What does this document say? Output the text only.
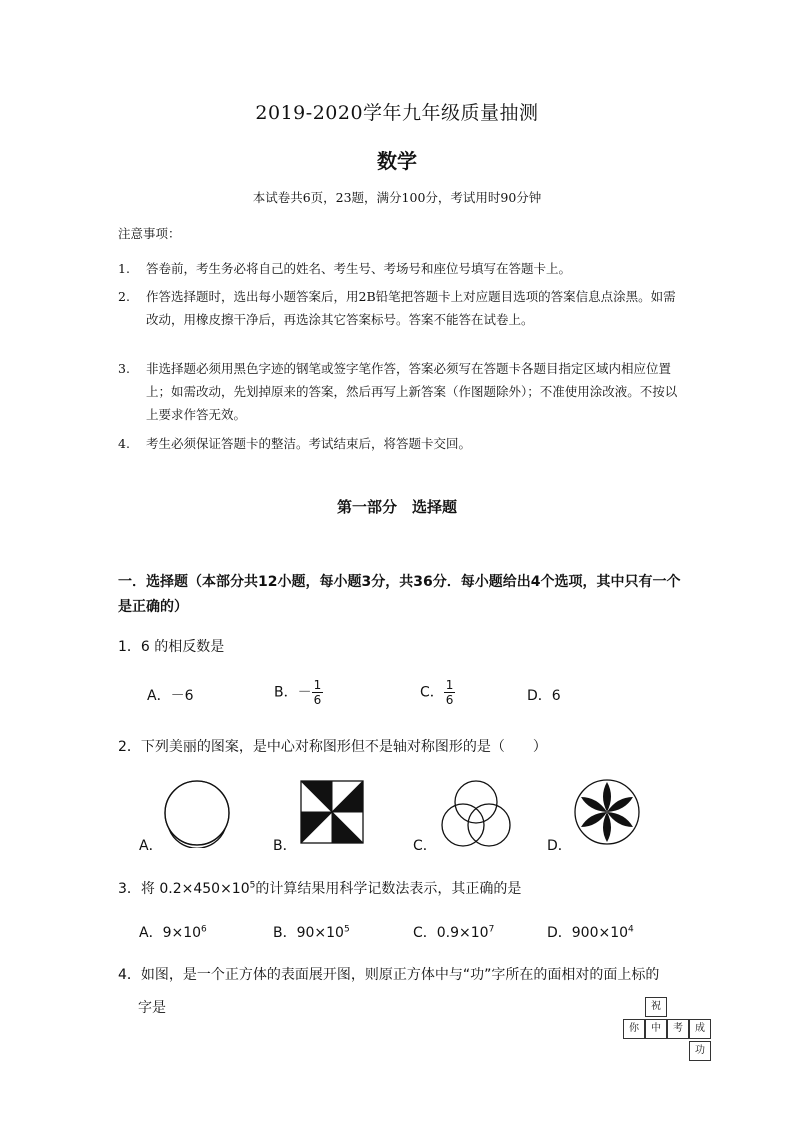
2019-2020学年九年级质量抽测
数学
本试卷共6页，23题，满分100分，考试用时90分钟
注意事项：
1. 答卷前，考生务必将自己的姓名、考生号、考场号和座位号填写在答题卡上。
2. 作答选择题时，选出每小题答案后，用2B铅笔把答题卡上对应题目选项的答案信息点涂黑。如需改动，用橡皮擦干净后，再选涂其它答案标号。答案不能答在试卷上。
3. 非选择题必须用黑色字迹的钢笔或签字笔作答，答案必须写在答题卡各题目指定区域内相应位置上；如需改动，先划掉原来的答案，然后再写上新答案（作图题除外）；不准使用涂改液。不按以上要求作答无效。
4. 考生必须保证答题卡的整洁。考试结束后，将答题卡交回。
第一部分　选择题
一．选择题（本部分共12小题，每小题3分，共36分．每小题给出4个选项，其中只有一个是正确的）
1．6 的相反数是
A．－6	B．－ $\frac{1}{6}$	C． $\frac{1}{6}$	D．6
2．下列美丽的图案，是中心对称图形但不是轴对称图形的是（　　）
A．	B．	C．	D．
3．将 $0.2\times 450\times 10^5$的计算结果用科学记数法表示，其正确的是
A．$9\times 10^6$	B．$90\times 10^5$	C．$0.9\times 10^7$	D．$900\times 10^4$
4．如图，是一个正方体的表面展开图，则原正方体中与“功”字所在的面相对的面上标的
字是	祝
你	中	考	成
功
